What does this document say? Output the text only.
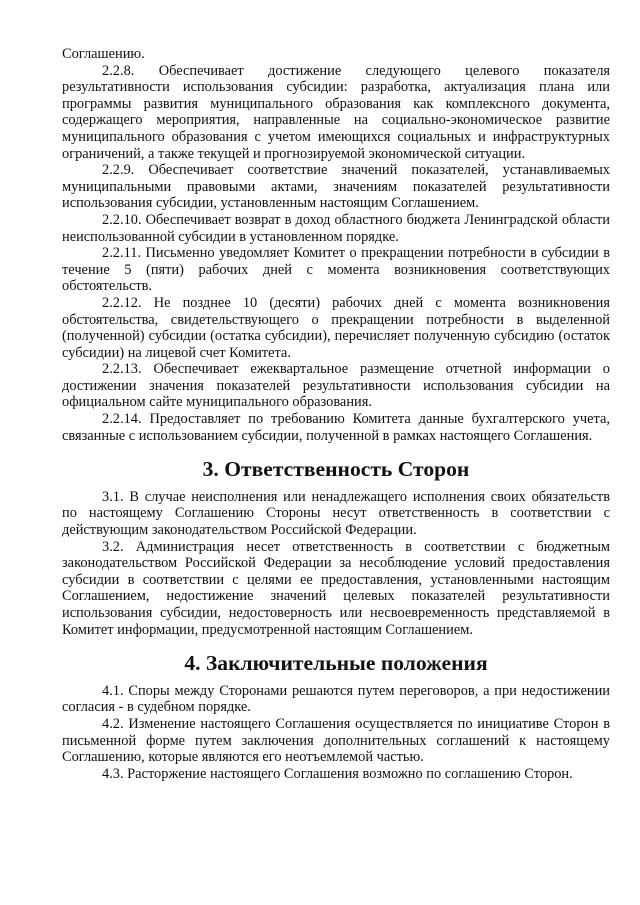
Соглашению.

2.2.8. Обеспечивает достижение следующего целевого показателя результативности использования субсидии: разработка, актуализация плана или программы развития муниципального образования как комплексного документа, содержащего мероприятия, направленные на социально-экономическое развитие муниципального образования с учетом имеющихся социальных и инфраструктурных ограничений, а также текущей и прогнозируемой экономической ситуации.

2.2.9. Обеспечивает соответствие значений показателей, устанавливаемых муниципальными правовыми актами, значениям показателей результативности использования субсидии, установленным настоящим Соглашением.

2.2.10. Обеспечивает возврат в доход областного бюджета Ленинградской области неиспользованной субсидии в установленном порядке.

2.2.11. Письменно уведомляет Комитет о прекращении потребности в субсидии в течение 5 (пяти) рабочих дней с момента возникновения соответствующих обстоятельств.

2.2.12. Не позднее 10 (десяти) рабочих дней с момента возникновения обстоятельства, свидетельствующего о прекращении потребности в выделенной (полученной) субсидии (остатка субсидии), перечисляет полученную субсидию (остаток субсидии) на лицевой счет Комитета.

2.2.13. Обеспечивает ежеквартальное размещение отчетной информации о достижении значения показателей результативности использования субсидии на официальном сайте муниципального образования.

2.2.14. Предоставляет по требованию Комитета данные бухгалтерского учета, связанные с использованием субсидии, полученной в рамках настоящего Соглашения.

3. Ответственность Сторон

3.1. В случае неисполнения или ненадлежащего исполнения своих обязательств по настоящему Соглашению Стороны несут ответственность в соответствии с действующим законодательством Российской Федерации.

3.2. Администрация несет ответственность в соответствии с бюджетным законодательством Российской Федерации за несоблюдение условий предоставления субсидии в соответствии с целями ее предоставления, установленными настоящим Соглашением, недостижение значений целевых показателей результативности использования субсидии, недостоверность или несвоевременность представляемой в Комитет информации, предусмотренной настоящим Соглашением.

4. Заключительные положения

4.1. Споры между Сторонами решаются путем переговоров, а при недостижении согласия - в судебном порядке.

4.2. Изменение настоящего Соглашения осуществляется по инициативе Сторон в письменной форме путем заключения дополнительных соглашений к настоящему Соглашению, которые являются его неотъемлемой частью.

4.3. Расторжение настоящего Соглашения возможно по соглашению Сторон.
